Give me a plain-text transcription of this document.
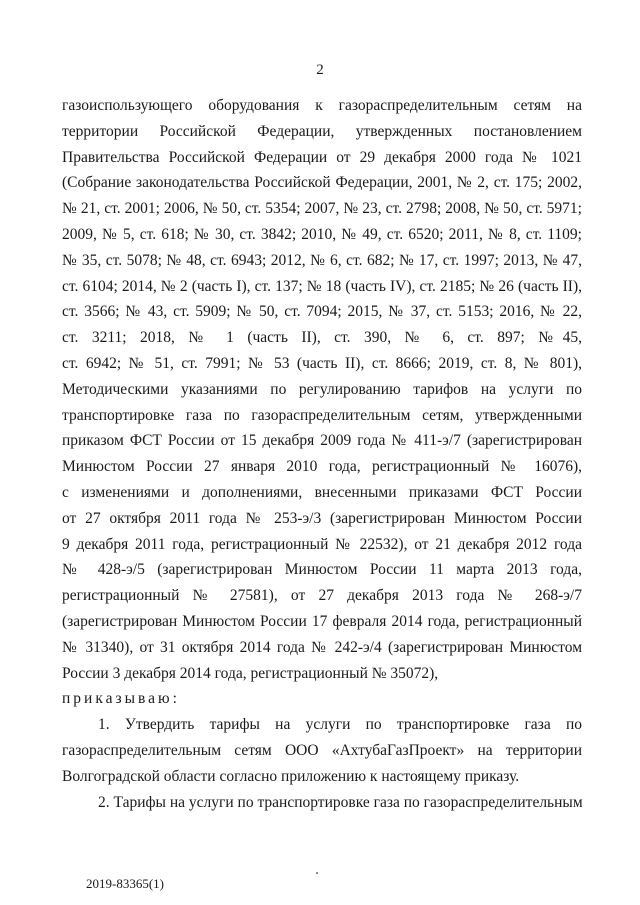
2
газоиспользующего оборудования к газораспределительным сетям на
территории Российской Федерации, утвержденных постановлением
Правительства Российской Федерации от 29 декабря 2000 года № 1021
(Собрание законодательства Российской Федерации, 2001, № 2, ст. 175; 2002,
№ 21, ст. 2001; 2006, № 50, ст. 5354; 2007, № 23, ст. 2798; 2008, № 50, ст. 5971;
2009, № 5, ст. 618; № 30, ст. 3842; 2010, № 49, ст. 6520; 2011, № 8, ст. 1109;
№ 35, ст. 5078; № 48, ст. 6943; 2012, № 6, ст. 682; № 17, ст. 1997; 2013, № 47,
ст. 6104; 2014, № 2 (часть I), ст. 137; № 18 (часть IV), ст. 2185; № 26 (часть II),
ст. 3566; № 43, ст. 5909; № 50, ст. 7094; 2015, № 37, ст. 5153; 2016, № 22,
ст. 3211; 2018, № 1 (часть II), ст. 390, № 6, ст. 897; №45,
ст. 6942; № 51, ст. 7991; № 53 (часть II), ст. 8666; 2019, ст. 8, № 801),
Методическими указаниями по регулированию тарифов на услуги по
транспортировке газа по газораспределительным сетям, утвержденными
приказом ФСТ России от 15 декабря 2009 года № 411-э/7 (зарегистрирован
Минюстом России 27 января 2010 года, регистрационный № 16076),
с изменениями и дополнениями, внесенными приказами ФСТ России
от 27 октября 2011 года № 253-э/3 (зарегистрирован Минюстом России
9 декабря 2011 года, регистрационный № 22532), от 21 декабря 2012 года
№ 428-э/5 (зарегистрирован Минюстом России 11 марта 2013 года,
регистрационный № 27581), от 27 декабря 2013 года № 268-э/7
(зарегистрирован Минюстом России 17 февраля 2014 года, регистрационный
№ 31340), от 31 октября 2014 года № 242-э/4 (зарегистрирован Минюстом
России 3 декабря 2014 года, регистрационный № 35072),
приказываю:
1. Утвердить тарифы на услуги по транспортировке газа по
газораспределительным сетям ООО «АхтубаГазПроект» на территории
Волгоградской области согласно приложению к настоящему приказу.
2. Тарифы на услуги по транспортировке газа по газораспределительным
2019-83365(1)
